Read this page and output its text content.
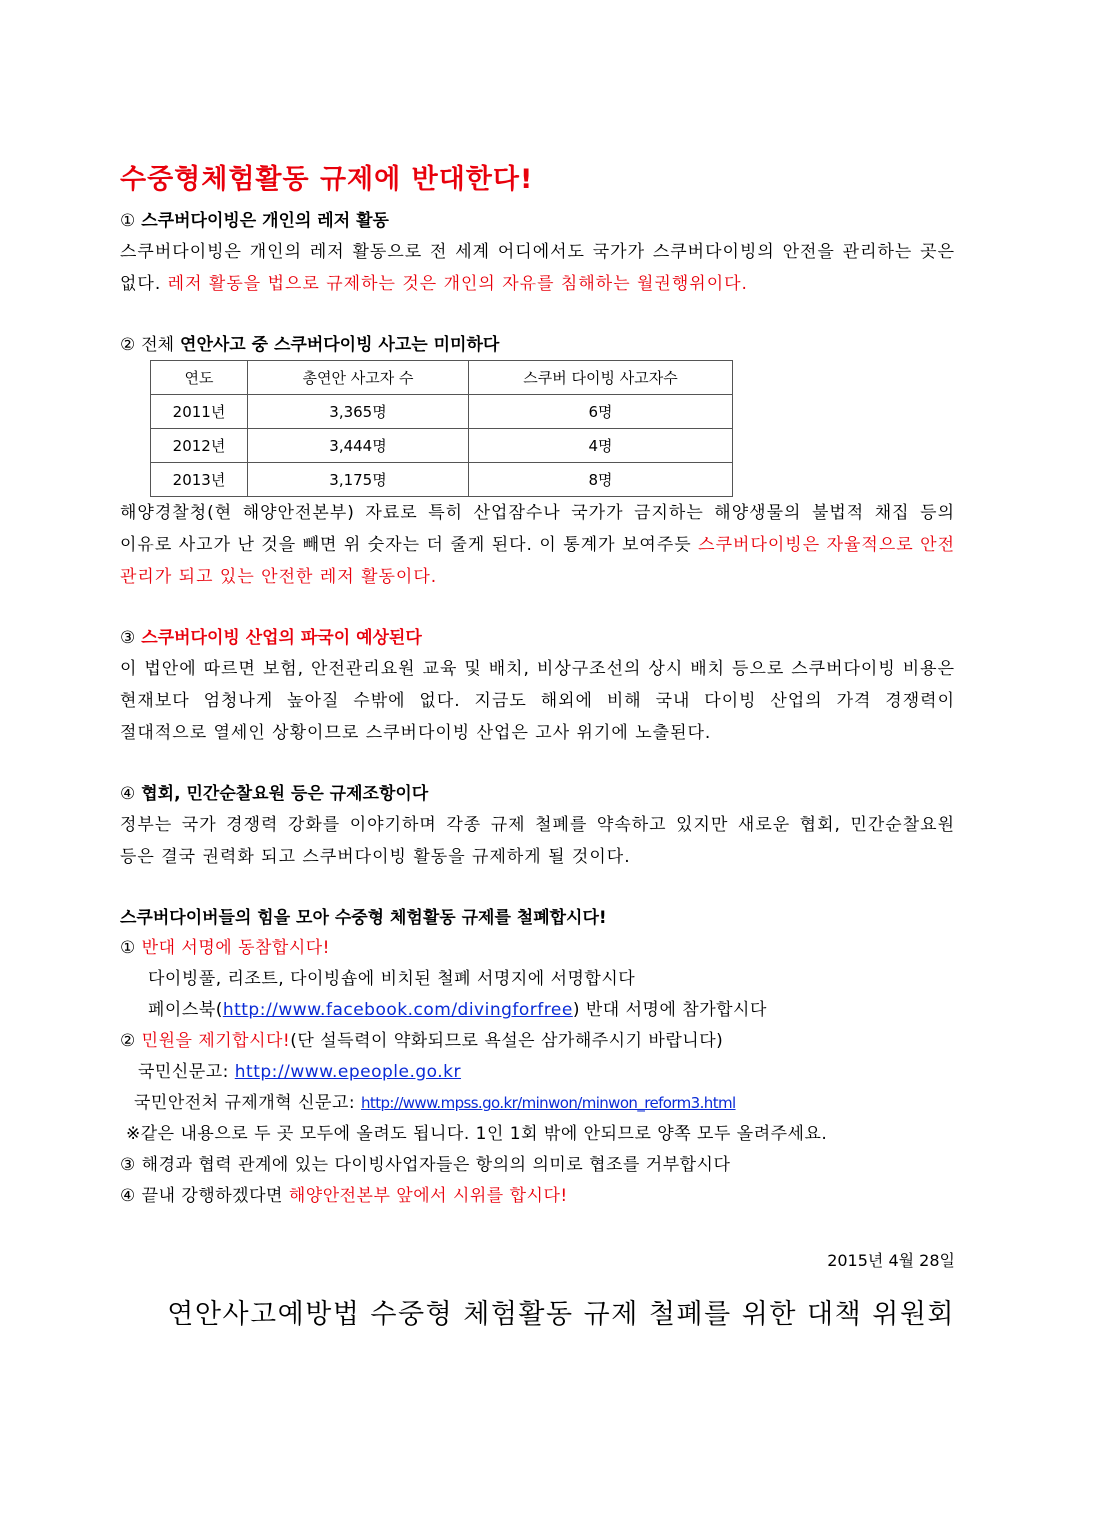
수중형체험활동 규제에 반대한다!
① 스쿠버다이빙은 개인의 레저 활동
스쿠버다이빙은 개인의 레저 활동으로 전 세계 어디에서도 국가가 스쿠버다이빙의 안전을 관리하는 곳은 없다. 레저 활동을 법으로 규제하는 것은 개인의 자유를 침해하는 월권행위이다.
② 전체 연안사고 중 스쿠버다이빙 사고는 미미하다
연도	총연안 사고자 수	스쿠버 다이빙 사고자수
2011년	3,365명	6명
2012년	3,444명	4명
2013년	3,175명	8명
해양경찰청(현 해양안전본부) 자료로 특히 산업잠수나 국가가 금지하는 해양생물의 불법적 채집 등의 이유로 사고가 난 것을 빼면 위 숫자는 더 줄게 된다. 이 통계가 보여주듯 스쿠버다이빙은 자율적으로 안전 관리가 되고 있는 안전한 레저 활동이다.
③ 스쿠버다이빙 산업의 파국이 예상된다
이 법안에 따르면 보험, 안전관리요원 교육 및 배치, 비상구조선의 상시 배치 등으로 스쿠버다이빙 비용은 현재보다 엄청나게 높아질 수밖에 없다. 지금도 해외에 비해 국내 다이빙 산업의 가격 경쟁력이 절대적으로 열세인 상황이므로 스쿠버다이빙 산업은 고사 위기에 노출된다.
④ 협회, 민간순찰요원 등은 규제조항이다
정부는 국가 경쟁력 강화를 이야기하며 각종 규제 철폐를 약속하고 있지만 새로운 협회, 민간순찰요원 등은 결국 권력화 되고 스쿠버다이빙 활동을 규제하게 될 것이다.
스쿠버다이버들의 힘을 모아 수중형 체험활동 규제를 철폐합시다!
① 반대 서명에 동참합시다!
다이빙풀, 리조트, 다이빙숍에 비치된 철폐 서명지에 서명합시다
페이스북(http://www.facebook.com/divingforfree) 반대 서명에 참가합시다
② 민원을 제기합시다!(단 설득력이 약화되므로 욕설은 삼가해주시기 바랍니다)
국민신문고: http://www.epeople.go.kr
국민안전처 규제개혁 신문고: http://www.mpss.go.kr/minwon/minwon_reform3.html
※같은 내용으로 두 곳 모두에 올려도 됩니다. 1인 1회 밖에 안되므로 양쪽 모두 올려주세요.
③ 해경과 협력 관계에 있는 다이빙사업자들은 항의의 의미로 협조를 거부합시다
④ 끝내 강행하겠다면 해양안전본부 앞에서 시위를 합시다!
2015년 4월 28일
연안사고예방법 수중형 체험활동 규제 철폐를 위한 대책 위원회
